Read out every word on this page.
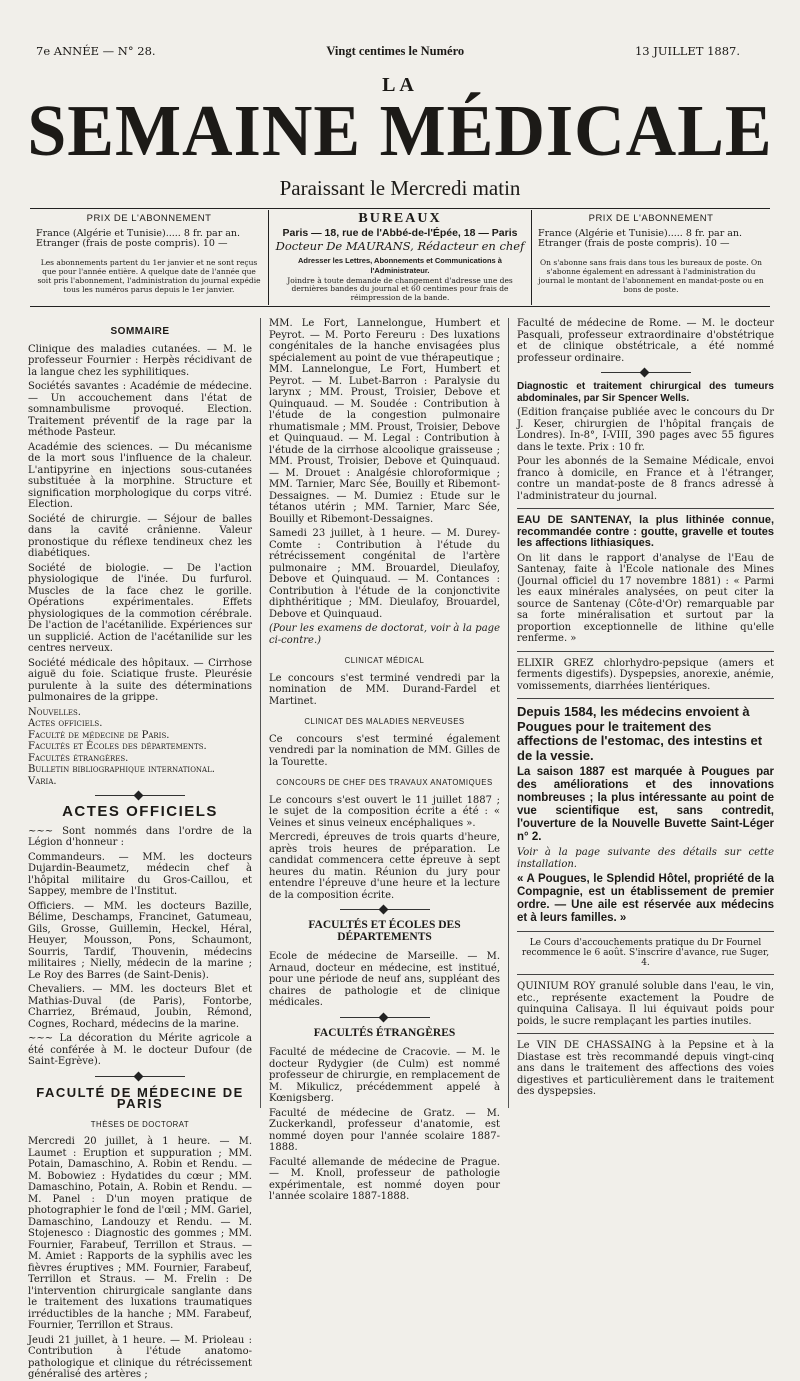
7e ANNÉE — N° 28.	Vingt centimes le Numéro	13 JUILLET 1887.
LA
SEMAINE MÉDICALE
Paraissant le Mercredi matin
PRIX DE L'ABONNEMENT
France (Algérie et Tunisie)..... 8 fr. par an.
Etranger (frais de poste compris). 10 —
Les abonnements partent du 1er janvier et ne sont reçus que pour l'année entière. A quelque date de l'année que soit pris l'abonnement, l'administration du journal expédie tous les numéros parus depuis le 1er janvier.
BUREAUX
Paris — 18, rue de l'Abbé-de-l'Épée, 18 — Paris
Docteur De MAURANS, Rédacteur en chef
Adresser les Lettres, Abonnements et Communications à l'Administrateur.
Joindre à toute demande de changement d'adresse une des dernières bandes du journal et 60 centimes pour frais de réimpression de la bande.
PRIX DE L'ABONNEMENT
France (Algérie et Tunisie)..... 8 fr. par an.
Etranger (frais de poste compris). 10 —
On s'abonne sans frais dans tous les bureaux de poste. On s'abonne également en adressant à l'administration du journal le montant de l'abonnement en mandat-poste ou en bons de poste.
SOMMAIRE

Clinique des maladies cutanées. — M. le professeur Fournier : Herpès récidivant de la langue chez les syphilitiques.

Sociétés savantes : Académie de médecine. — Un accouchement dans l'état de somnambulisme provoqué. Election. Traitement préventif de la rage par la méthode Pasteur.

Académie des sciences. — Du mécanisme de la mort sous l'influence de la chaleur. L'antipyrine en injections sous-cutanées substituée à la morphine. Structure et signification morphologique du corps vitré. Election.

Société de chirurgie. — Séjour de balles dans la cavité crânienne. Valeur pronostique du réflexe tendineux chez les diabétiques.

Société de biologie. — De l'action physiologique de l'inée. Du furfurol. Muscles de la face chez le gorille. Opérations expérimentales. Effets physiologiques de la commotion cérébrale. De l'action de l'acétanilide. Expériences sur un supplicié. Action de l'acétanilide sur les centres nerveux.

Société médicale des hôpitaux. — Cirrhose aiguë du foie. Sciatique fruste. Pleurésie purulente à la suite des déterminations pulmonaires de la grippe.

Nouvelles.

Actes officiels.

Faculté de médecine de Paris.

Facultés et Écoles des départements.

Facultés étrangères.

Bulletin bibliographique international.

Varia.

ACTES OFFICIELS

~~~ Sont nommés dans l'ordre de la Légion d'honneur :

Commandeurs. — MM. les docteurs Dujardin-Beaumetz, médecin chef à l'hôpital militaire du Gros-Caillou, et Sappey, membre de l'Institut.

Officiers. — MM. les docteurs Bazille, Bélime, Deschamps, Francinet, Gatumeau, Gils, Grosse, Guillemin, Heckel, Héral, Heuyer, Mousson, Pons, Schaumont, Sourris, Tardif, Thouvenin, médecins militaires ; Nielly, médecin de la marine ; Le Roy des Barres (de Saint-Denis).

Chevaliers. — MM. les docteurs Blet et Mathias-Duval (de Paris), Fontorbe, Charriez, Brémaud, Joubin, Rémond, Cognes, Rochard, médecins de la marine.

~~~ La décoration du Mérite agricole a été conférée à M. le docteur Dufour (de Saint-Egrève).

FACULTÉ DE MÉDECINE DE PARIS
THÈSES DE DOCTORAT

Mercredi 20 juillet, à 1 heure. — M. Laumet : Eruption et suppuration ; MM. Potain, Damaschino, A. Robin et Rendu. — M. Bobowiez : Hydatides du cœur ; MM. Damaschino, Potain, A. Robin et Rendu. — M. Panel : D'un moyen pratique de photographier le fond de l'œil ; MM. Gariel, Damaschino, Landouzy et Rendu. — M. Stojenesco : Diagnostic des gommes ; MM. Fournier, Farabeuf, Terrillon et Straus. — M. Amiet : Rapports de la syphilis avec les fièvres éruptives ; MM. Fournier, Farabeuf, Terrillon et Straus. — M. Frelin : De l'intervention chirurgicale sanglante dans le traitement des luxations traumatiques irréductibles de la hanche ; MM. Farabeuf, Fournier, Terrillon et Straus.

Jeudi 21 juillet, à 1 heure. — M. Prioleau : Contribution à l'étude anatomo-pathologique et clinique du rétrécissement généralisé des artères ;

MM. Le Fort, Lannelongue, Humbert et Peyrot. — M. Porto Fereuru : Des luxations congénitales de la hanche envisagées plus spécialement au point de vue thérapeutique ; MM. Lannelongue, Le Fort, Humbert et Peyrot. — M. Lubet-Barron : Paralysie du larynx ; MM. Proust, Troisier, Debove et Quinquaud. — M. Soudée : Contribution à l'étude de la congestion pulmonaire rhumatismale ; MM. Proust, Troisier, Debove et Quinquaud. — M. Legal : Contribution à l'étude de la cirrhose alcoolique graisseuse ; MM. Proust, Troisier, Debove et Quinquaud. — M. Drouet : Analgésie chloroformique ; MM. Tarnier, Marc Sée, Bouilly et Ribemont-Dessaignes. — M. Dumiez : Etude sur le tétanos utérin ; MM. Tarnier, Marc Sée, Bouilly et Ribemont-Dessaignes.

Samedi 23 juillet, à 1 heure. — M. Durey-Comte : Contribution à l'étude du rétrécissement congénital de l'artère pulmonaire ; MM. Brouardel, Dieulafoy, Debove et Quinquaud. — M. Contances : Contribution à l'étude de la conjonctivite diphthéritique ; MM. Dieulafoy, Brouardel, Debove et Quinquaud.

(Pour les examens de doctorat, voir à la page ci-contre.)

CLINICAT MÉDICAL

Le concours s'est terminé vendredi par la nomination de MM. Durand-Fardel et Martinet.

CLINICAT DES MALADIES NERVEUSES

Ce concours s'est terminé également vendredi par la nomination de MM. Gilles de la Tourette.

CONCOURS DE CHEF DES TRAVAUX ANATOMIQUES

Le concours s'est ouvert le 11 juillet 1887 ; le sujet de la composition écrite a été : « Veines et sinus veineux encéphaliques ».

Mercredi, épreuves de trois quarts d'heure, après trois heures de préparation. Le candidat commencera cette épreuve à sept heures du matin. Réunion du jury pour entendre l'épreuve d'une heure et la lecture de la composition écrite.

FACULTÉS ET ÉCOLES DES DÉPARTEMENTS

Ecole de médecine de Marseille. — M. Arnaud, docteur en médecine, est institué, pour une période de neuf ans, suppléant des chaires de pathologie et de clinique médicales.

FACULTÉS ÉTRANGÈRES

Faculté de médecine de Cracovie. — M. le docteur Rydygier (de Culm) est nommé professeur de chirurgie, en remplacement de M. Mikulicz, précédemment appelé à Kœnigsberg.

Faculté de médecine de Gratz. — M. Zuckerkandl, professeur d'anatomie, est nommé doyen pour l'année scolaire 1887-1888.

Faculté allemande de médecine de Prague. — M. Knoll, professeur de pathologie expérimentale, est nommé doyen pour l'année scolaire 1887-1888.

Faculté de médecine de Rome. — M. le docteur Pasquali, professeur extraordinaire d'obstétrique et de clinique obstétricale, a été nommé professeur ordinaire.

Diagnostic et traitement chirurgical des tumeurs abdominales, par Sir Spencer Wells.

(Edition française publiée avec le concours du Dr J. Keser, chirurgien de l'hôpital français de Londres). In-8°, I-VIII, 390 pages avec 55 figures dans le texte. Prix : 10 fr.

Pour les abonnés de la Semaine Médicale, envoi franco à domicile, en France et à l'étranger, contre un mandat-poste de 8 francs adressé à l'administrateur du journal.

EAU DE SANTENAY, la plus lithinée connue, recommandée contre : goutte, gravelle et toutes les affections lithiasiques.

On lit dans le rapport d'analyse de l'Eau de Santenay, faite à l'Ecole nationale des Mines (Journal officiel du 17 novembre 1881) : « Parmi les eaux minérales analysées, on peut citer la source de Santenay (Côte-d'Or) remarquable par sa forte minéralisation et surtout par la proportion exceptionnelle de lithine qu'elle renferme. »

ELIXIR GREZ chlorhydro-pepsique (amers et ferments digestifs). Dyspepsies, anorexie, anémie, vomissements, diarrhées lientériques.

Depuis 1584, les médecins envoient à Pougues pour le traitement des affections de l'estomac, des intestins et de la vessie.

La saison 1887 est marquée à Pougues par des améliorations et des innovations nombreuses ; la plus intéressante au point de vue scientifique est, sans contredit, l'ouverture de la Nouvelle Buvette Saint-Léger n° 2.

Voir à la page suivante des détails sur cette installation.

« A Pougues, le Splendid Hôtel, propriété de la Compagnie, est un établissement de premier ordre. — Une aile est réservée aux médecins et à leurs familles. »

Le Cours d'accouchements pratique du Dr Fournel recommence le 6 août. S'inscrire d'avance, rue Suger, 4.

QUINIUM ROY granulé soluble dans l'eau, le vin, etc., représente exactement la Poudre de quinquina Calisaya. Il lui équivaut poids pour poids, le sucre remplaçant les parties inutiles.

Le VIN DE CHASSAING à la Pepsine et à la Diastase est très recommandé depuis vingt-cinq ans dans le traitement des affections des voies digestives et particulièrement dans le traitement des dyspepsies.
